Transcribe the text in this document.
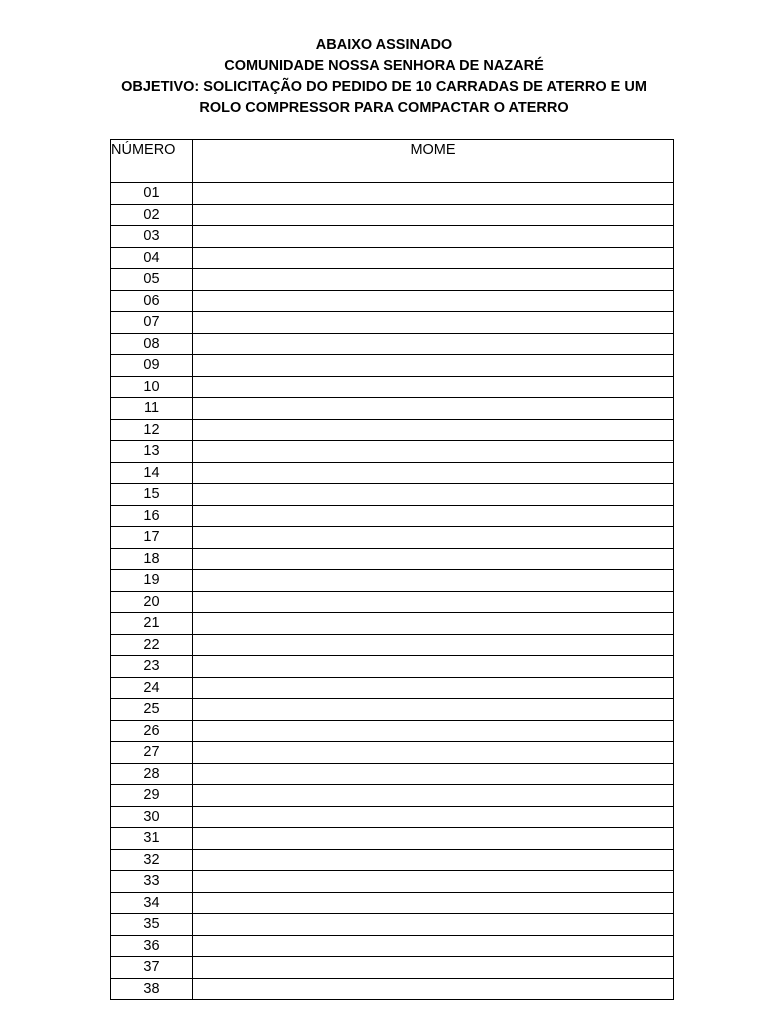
ABAIXO ASSINADO
COMUNIDADE NOSSA SENHORA DE NAZARÉ
OBJETIVO: SOLICITAÇÃO DO PEDIDO DE 10 CARRADAS DE ATERRO E UM
ROLO COMPRESSOR PARA COMPACTAR O ATERRO
NÚMERO	MOME
01	
02	
03	
04	
05	
06	
07	
08	
09	
10	
11	
12	
13	
14	
15	
16	
17	
18	
19	
20	
21	
22	
23	
24	
25	
26	
27	
28	
29	
30	
31	
32	
33	
34	
35	
36	
37	
38	
